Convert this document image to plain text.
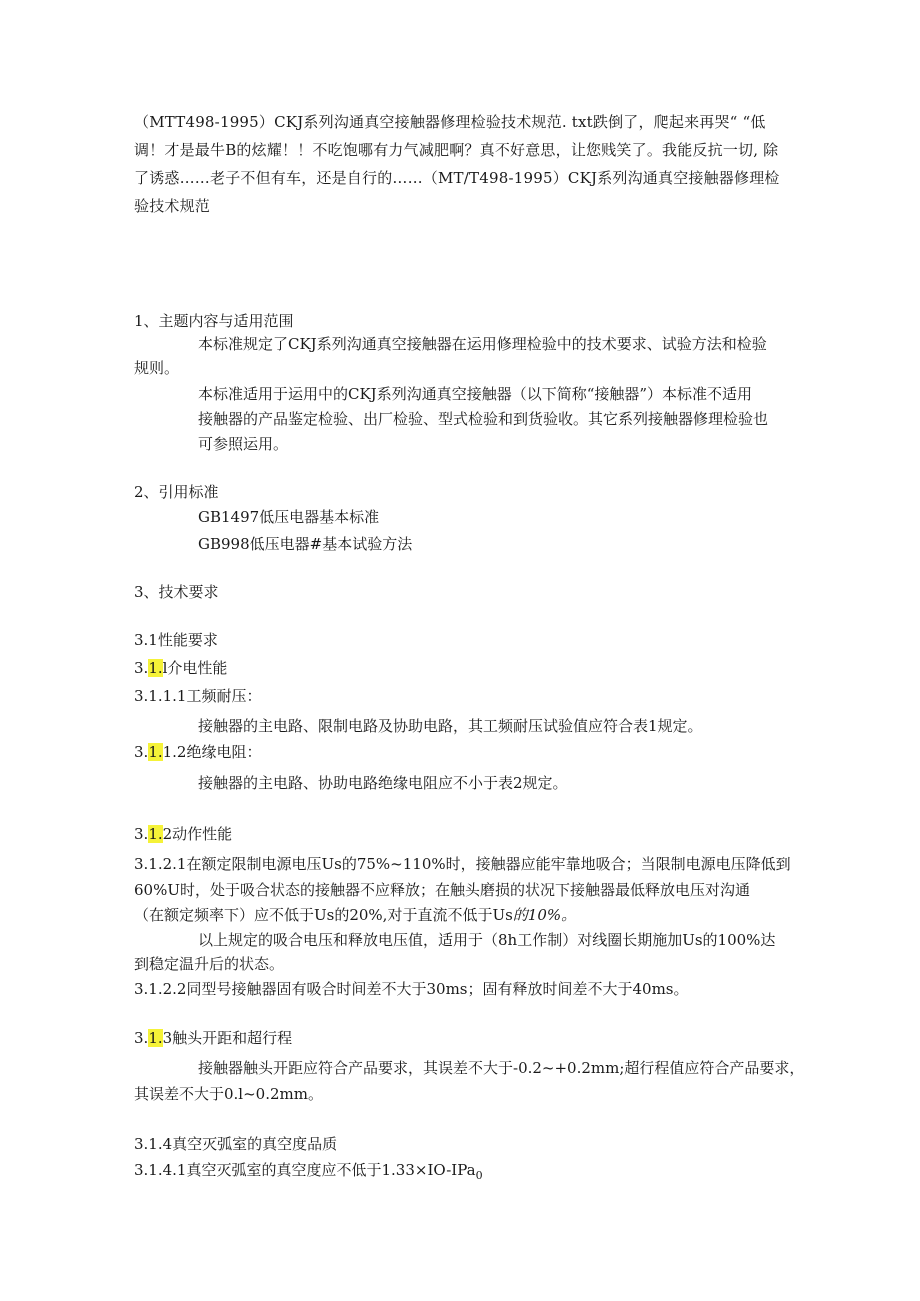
（MTT498-1995）CKJ系列沟通真空接触器修理检验技术规范. txt跌倒了，爬起来再哭“ “低调！才是最牛B的炫耀！！不吃饱哪有力气减肥啊？真不好意思，让您贱笑了。我能反抗一切, 除了诱惑……老子不但有车，还是自行的……（MT/T498-1995）CKJ系列沟通真空接触器修理检验技术规范
1、主题内容与适用范围
本标准规定了CKJ系列沟通真空接触器在运用修理检验中的技术要求、试验方法和检验
规则。
本标准适用于运用中的CKJ系列沟通真空接触器（以下简称“接触器”）本标准不适用
接触器的产品鉴定检验、出厂检验、型式检验和到货验收。其它系列接触器修理检验也
可参照运用。
2、引用标准
GB1497低压电器基本标准
GB998低压电器#基本试验方法
3、技术要求
3.1性能要求
3.1.l介电性能
3.1.1.1工频耐压：
接触器的主电路、限制电路及协助电路，其工频耐压试验值应符合表1规定。
3.1.1.2绝缘电阻：
接触器的主电路、协助电路绝缘电阻应不小于表2规定。
3.1.2动作性能
3.1.2.1在额定限制电源电压Us的75%~110%时，接触器应能牢靠地吸合；当限制电源电压降低到
60%U时，处于吸合状态的接触器不应释放；在触头磨损的状况下接触器最低释放电压对沟通
（在额定频率下）应不低于Us的20%,对于直流不低于Us的10%。
以上规定的吸合电压和释放电压值，适用于（8h工作制）对线圈长期施加Us的100%达
到稳定温升后的状态。
3.1.2.2同型号接触器固有吸合时间差不大于30ms；固有释放时间差不大于40ms。
3.1.3触头开距和超行程
接触器触头开距应符合产品要求，其误差不大于-0.2~+0.2mm;超行程值应符合产品要求，
其误差不大于0.l~0.2mm。
3.1.4真空灭弧室的真空度品质
3.1.4.1真空灭弧室的真空度应不低于1.33×IO-IPa$_0$
